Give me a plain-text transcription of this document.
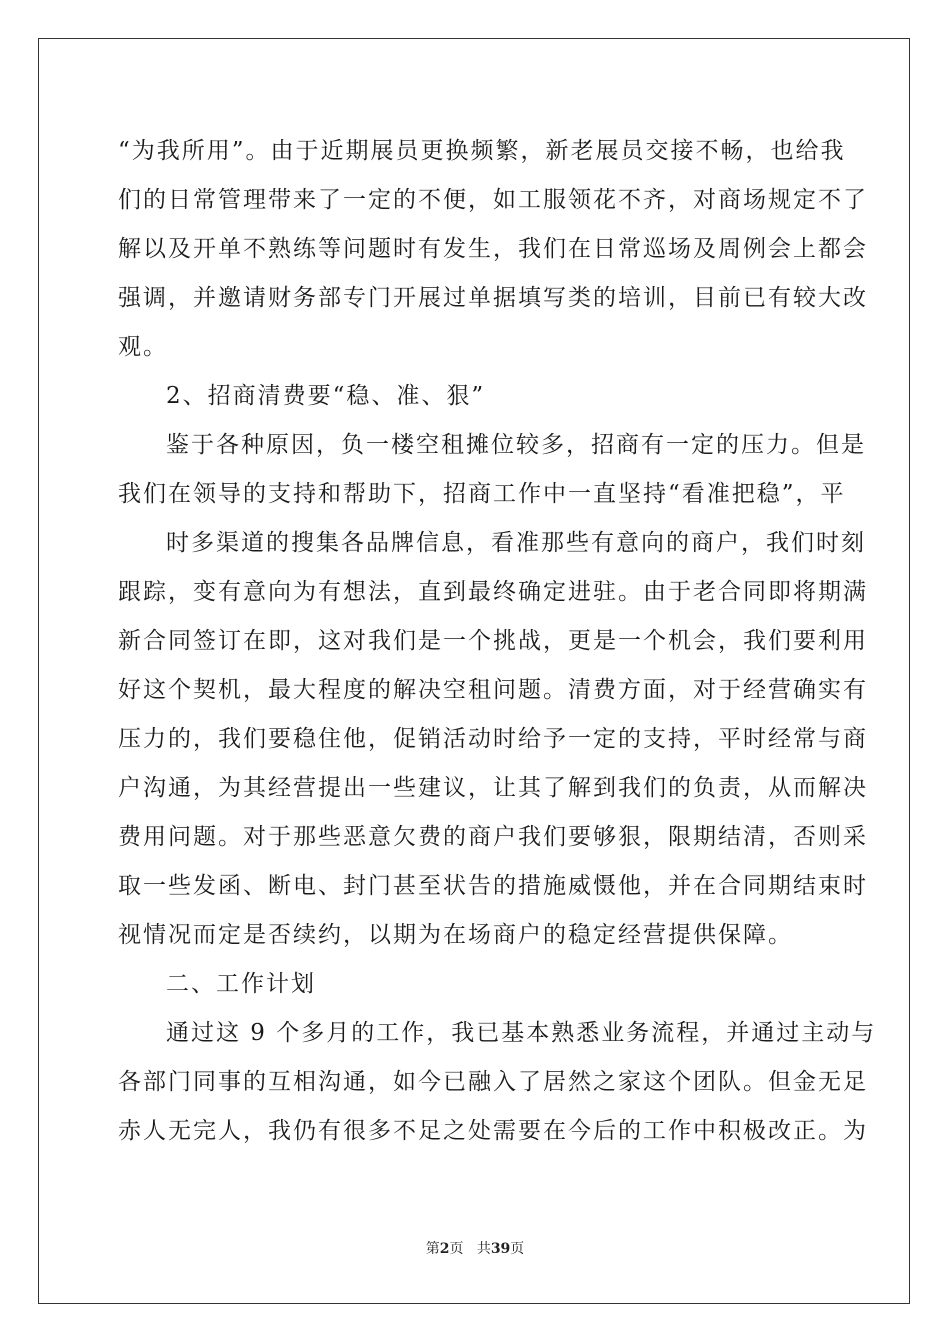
“为我所用”。由于近期展员更换频繁，新老展员交接不畅，也给我
们的日常管理带来了一定的不便，如工服领花不齐，对商场规定不了
解以及开单不熟练等问题时有发生，我们在日常巡场及周例会上都会
强调，并邀请财务部专门开展过单据填写类的培训，目前已有较大改
观。
2、招商清费要“稳、准、狠”
鉴于各种原因，负一楼空租摊位较多，招商有一定的压力。但是
我们在领导的支持和帮助下，招商工作中一直坚持“看准把稳”，平
时多渠道的搜集各品牌信息，看准那些有意向的商户，我们时刻
跟踪，变有意向为有想法，直到最终确定进驻。由于老合同即将期满
新合同签订在即，这对我们是一个挑战，更是一个机会，我们要利用
好这个契机，最大程度的解决空租问题。清费方面，对于经营确实有
压力的，我们要稳住他，促销活动时给予一定的支持，平时经常与商
户沟通，为其经营提出一些建议，让其了解到我们的负责，从而解决
费用问题。对于那些恶意欠费的商户我们要够狠，限期结清，否则采
取一些发函、断电、封门甚至状告的措施威慑他，并在合同期结束时
视情况而定是否续约，以期为在场商户的稳定经营提供保障。
二、工作计划
通过这 9 个多月的工作，我已基本熟悉业务流程，并通过主动与
各部门同事的互相沟通，如今已融入了居然之家这个团队。但金无足
赤人无完人，我仍有很多不足之处需要在今后的工作中积极改正。为
第2页 共39页
